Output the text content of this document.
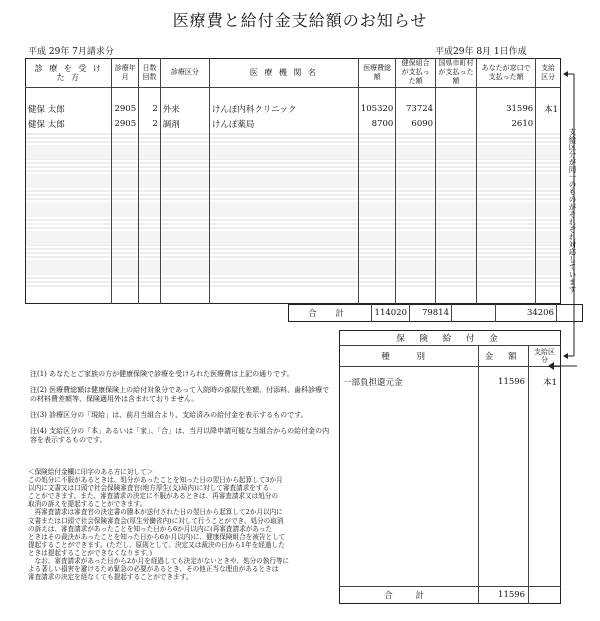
医療費と給付金支給額のお知らせ
平成 29年 7月請求分	平成29年 8月 1日作成
診 療 を 受 け た 方	診療年月	日数回数	診療区分	医 療 機 関 名	医療費総額	健保組合が支払った額	国県市町村が支払った額	あなたが窓口で支払った額	支給区分

健保 太郎	2905	2	外来	けんぽ内科クリニック	105320	73724		31596	本1
健保 太郎	2905	2	調剤	けんぽ薬局	8700	6090		2610	

合 計	114020	79814		34206	
支給区分が同一のものがそれぞれ対応しています
保 険 給 付 金		
種 別	金 額	支給区分

一部負担還元金	11596	本1

合 計	11596	

注(1) あなたとご家族の方が健康保険で診療を受けられた医療費は上記の通りです。

注(2) 医療費総額は健康保険上の給付対象分であって入院時の部屋代差額、付添料、歯科診療での材料費差額等、保険適用外は含まれておりません。

注(3) 診療区分の「現給」は、前月当組合より、支給済みの給付金を表示するものです。

注(4) 支給区分の「本」あるいは「家」、「合」は、当月以降申請可能な当組合からの給付金の内容を表示するものです。

＜保険給付金欄に印字のある方に対して＞
この処分に不服があるときは、処分があったことを知った日の翌日から起算して3か月
以内に文書又は口頭で社会保険審査官(地方厚生(支)局内)に対して審査請求をする
ことができます。また、審査請求の決定に不服があるときは、再審査請求又は処分の
取消の訴えを提起することができます。
　再審査請求は審査官の決定書の謄本が送付された日の翌日から起算して2か月以内に
文書または口頭で社会保険審査会(厚生労働省内)に対して行うことができ、処分の取消
の訴えは、審査請求があったことを知った日から6か月以内に(再審査請求があった
ときはその裁決があったことを知った日から6か月以内)に、健康保険組合を被告として
提起することができます。(ただし、原則として、決定又は裁決の日から1年を経過した
ときは提起することができなくなります。)
　なお、審査請求があった日から2か月を経過しても決定がないときや、処分の執行等に
よる著しい損害を避けるため緊急の必要があるとき、その他正当な理由があるときは
審査請求の決定を経なくても提起することができます。
